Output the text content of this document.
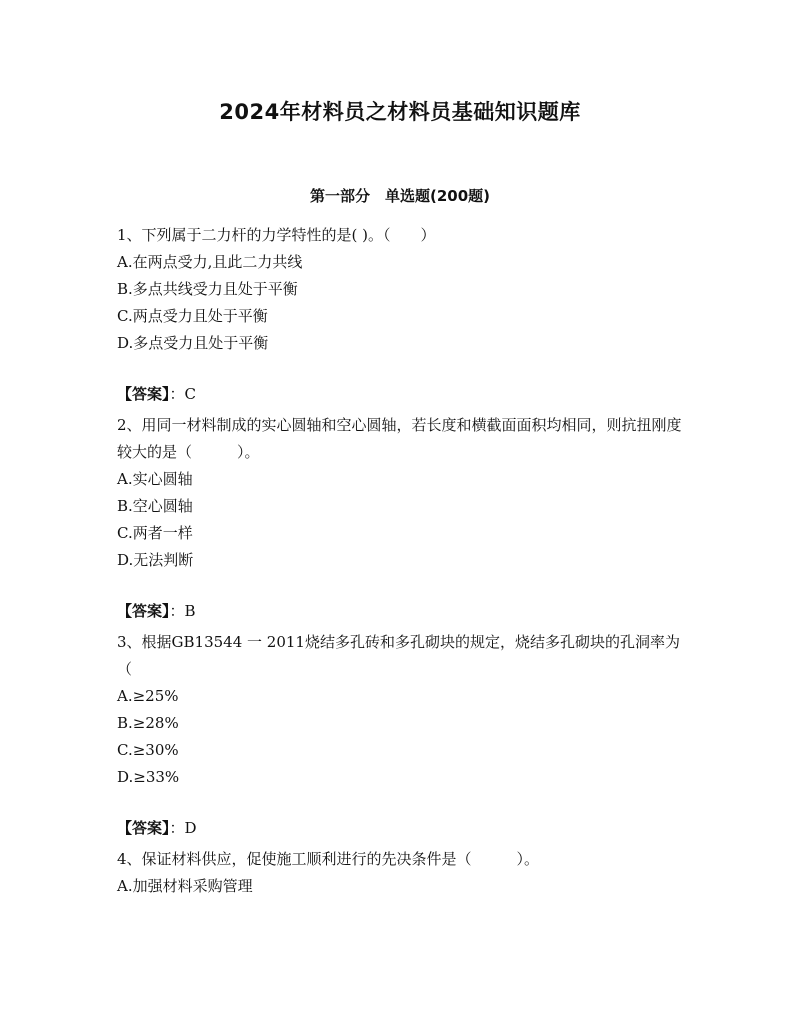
2024年材料员之材料员基础知识题库
第一部分　单选题(200题)

1、下列属于二力杆的力学特性的是( )。（　　）

A.在两点受力,且此二力共线

B.多点共线受力且处于平衡

C.两点受力且处于平衡

D.多点受力且处于平衡

【答案】：C

2、用同一材料制成的实心圆轴和空心圆轴，若长度和横截面面积均相同，则抗扭刚度较大的是（　　　）。

A.实心圆轴

B.空心圆轴

C.两者一样

D.无法判断

【答案】：B

3、根据GB13544 一 2011烧结多孔砖和多孔砌块的规定，烧结多孔砌块的孔洞率为（

A.≥25%

B.≥28%

C.≥30%

D.≥33%

【答案】：D

4、保证材料供应，促使施工顺利进行的先决条件是（　　　）。

A.加强材料采购管理
